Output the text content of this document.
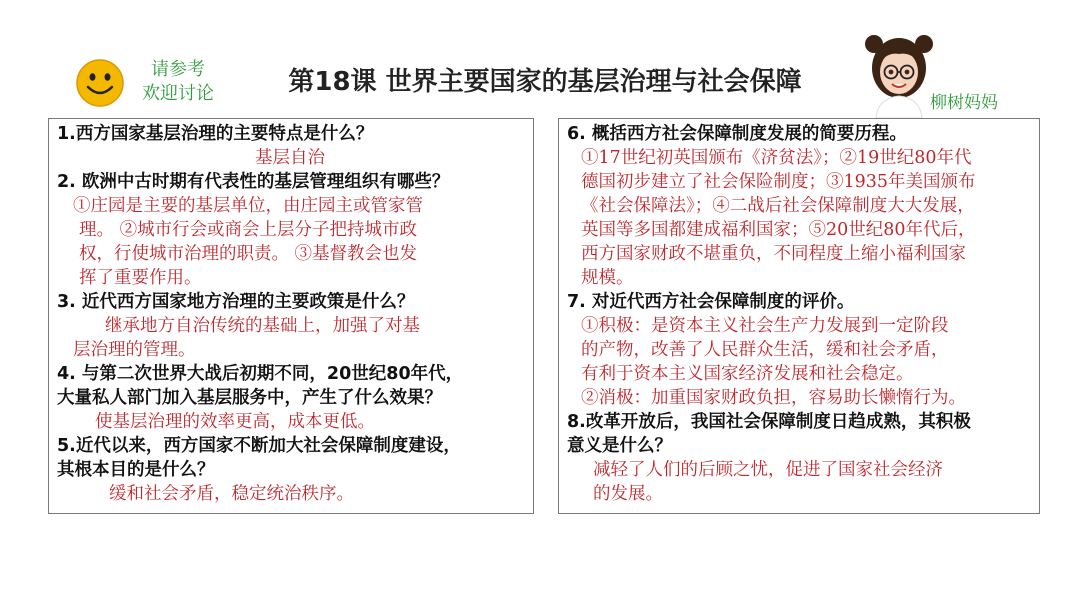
请参考
欢迎讨论	第18课 世界主要国家的基层治理与社会保障
柳树妈妈

1.西方国家基层治理的主要特点是什么？

基层自治

2. 欧洲中古时期有代表性的基层管理组织有哪些？

①庄园是主要的基层单位，由庄园主或管家管

理。 ②城市行会或商会上层分子把持城市政

权，行使城市治理的职责。 ③基督教会也发

挥了重要作用。

3. 近代西方国家地方治理的主要政策是什么？

继承地方自治传统的基础上，加强了对基

层治理的管理。

4. 与第二次世界大战后初期不同，20世纪80年代，

大量私人部门加入基层服务中，产生了什么效果？

使基层治理的效率更高，成本更低。

5.近代以来，西方国家不断加大社会保障制度建设，

其根本目的是什么？

缓和社会矛盾，稳定统治秩序。

6. 概括西方社会保障制度发展的简要历程。

①17世纪初英国颁布《济贫法》；②19世纪80年代

德国初步建立了社会保险制度；③1935年美国颁布

《社会保障法》；④二战后社会保障制度大大发展，

英国等多国都建成福利国家；⑤20世纪80年代后，

西方国家财政不堪重负，不同程度上缩小福利国家

规模。

7. 对近代西方社会保障制度的评价。

①积极：是资本主义社会生产力发展到一定阶段

的产物，改善了人民群众生活，缓和社会矛盾，

有利于资本主义国家经济发展和社会稳定。

②消极：加重国家财政负担，容易助长懒惰行为。

8.改革开放后，我国社会保障制度日趋成熟，其积极

意义是什么？

减轻了人们的后顾之忧，促进了国家社会经济

的发展。
